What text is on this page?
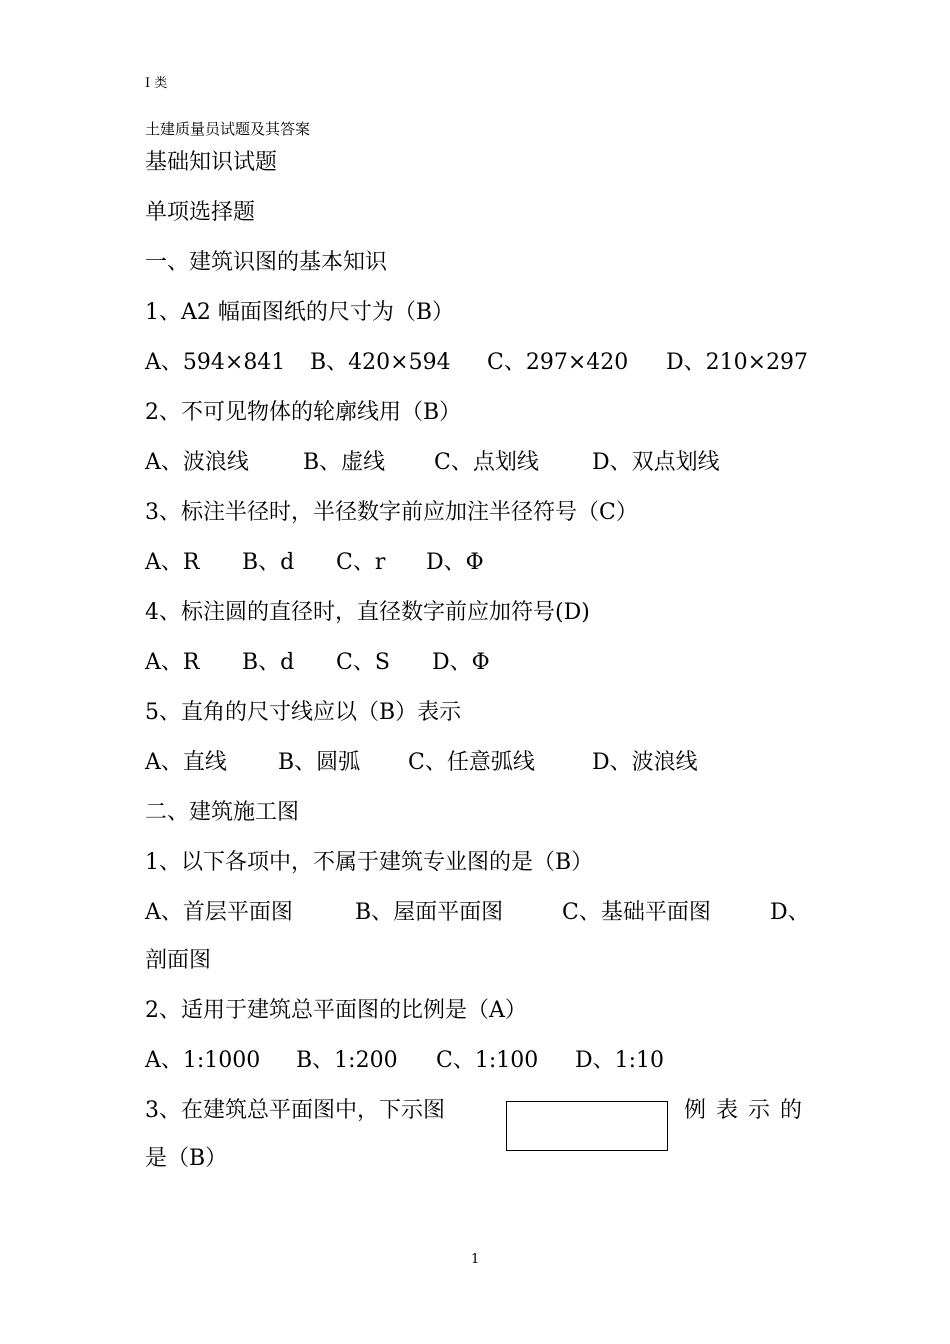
I 类
土建质量员试题及其答案
基础知识试题
单项选择题
一、建筑识图的基本知识
1、A2 幅面图纸的尺寸为（B）
A、594×841 B、420×594 C、297×420 D、210×297
2、不可见物体的轮廓线用（B）
A、波浪线 B、虚线 C、点划线 D、双点划线
3、标注半径时，半径数字前应加注半径符号（C）
A、R B、d C、r D、Φ
4、标注圆的直径时，直径数字前应加符号(D)
A、R B、d C、S D、Φ
5、直角的尺寸线应以（B）表示
A、直线 B、圆弧 C、任意弧线	D、波浪线
二、建筑施工图
1、以下各项中，不属于建筑专业图的是（B）
A、首层平面图	B、屋面平面图	C、基础平面图	D、
剖面图
2、适用于建筑总平面图的比例是（A）
A、1:1000 B、1:200 C、1:100 D、1:10
3、在建筑总平面图中，下示图	例表示的
是（B）
1
